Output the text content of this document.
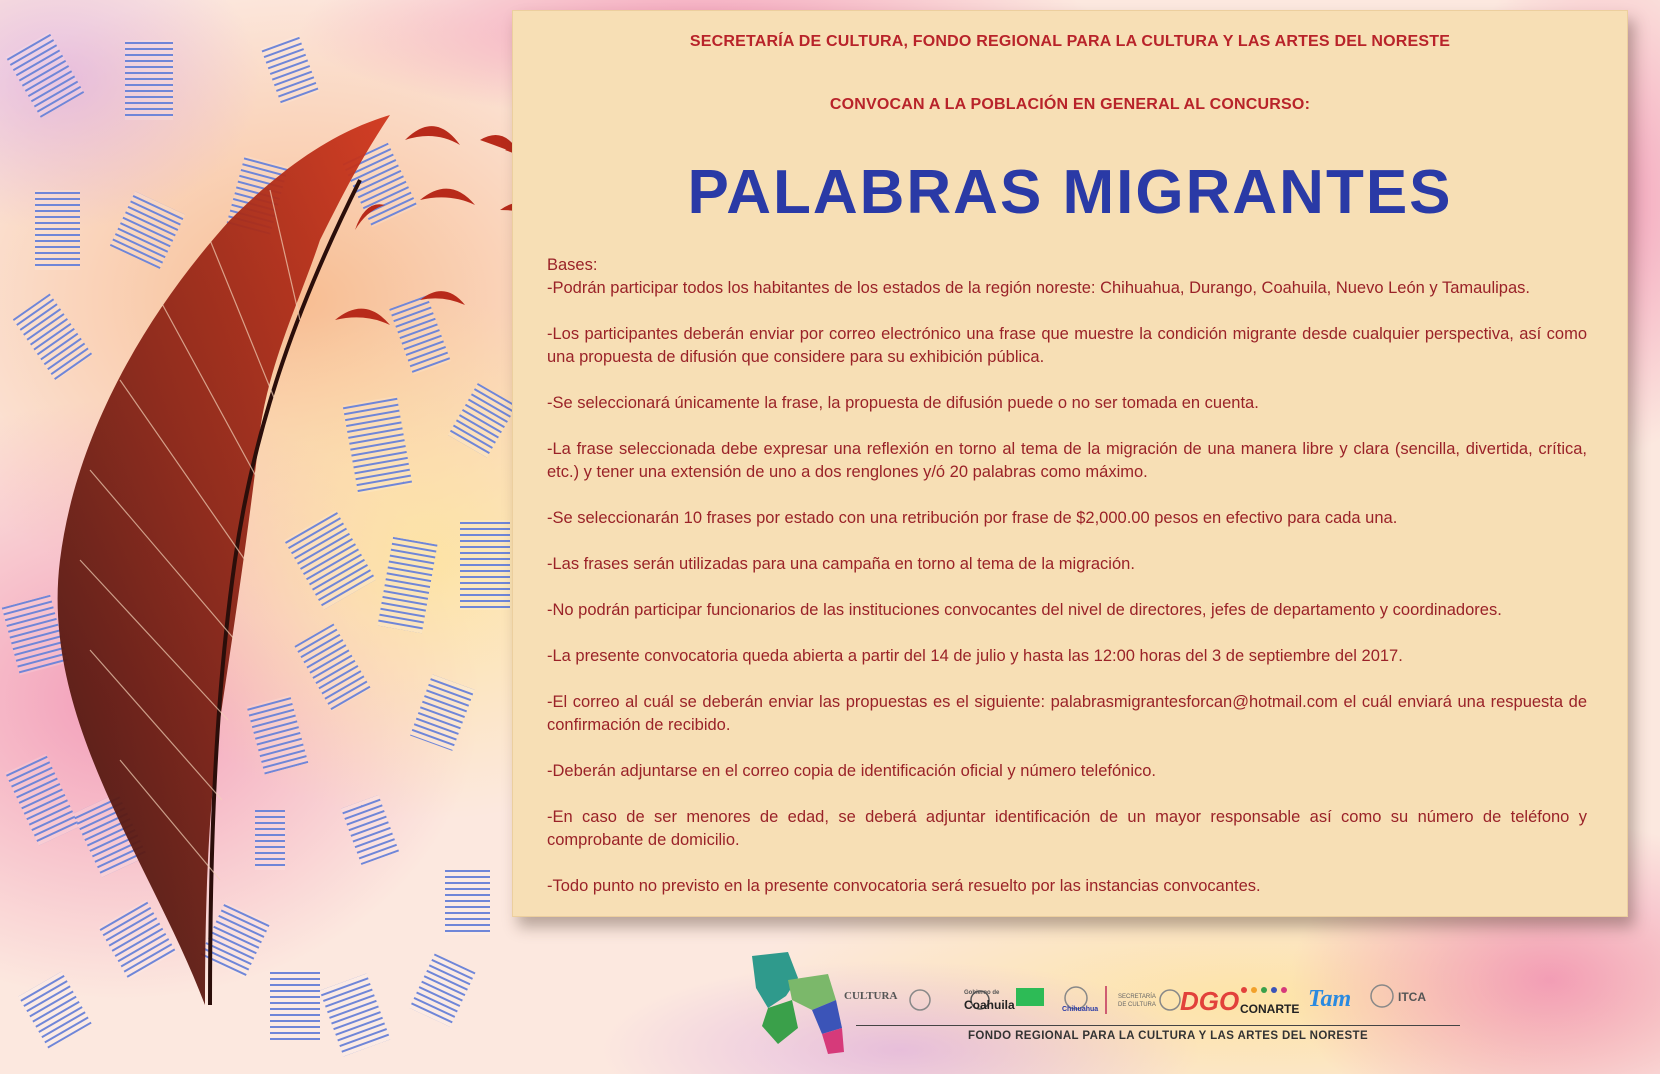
SECRETARÍA DE CULTURA, FONDO REGIONAL PARA LA CULTURA Y LAS ARTES DEL NORESTE
CONVOCAN A LA POBLACIÓN EN GENERAL AL CONCURSO:
PALABRAS MIGRANTES

Bases:

-Podrán participar todos los habitantes de los estados de la región noreste: Chihuahua, Durango, Coahuila, Nuevo León y Tamaulipas.

-Los participantes deberán enviar por correo electrónico una frase que muestre la condición migrante desde cualquier perspectiva, así como una propuesta de difusión que considere para su exhibición pública.

-Se seleccionará únicamente la frase, la propuesta de difusión puede o no ser tomada en cuenta.

-La frase seleccionada debe expresar una reflexión en torno al tema de la migración de una manera libre y clara (sencilla, divertida, crítica, etc.) y tener una extensión de uno a dos renglones y/ó 20 palabras como máximo.

-Se seleccionarán 10 frases por estado con una retribución por frase de $2,000.00 pesos en efectivo para cada una.

-Las frases serán utilizadas para una campaña en torno al tema de la migración.

-No podrán participar funcionarios de las instituciones convocantes del nivel de directores, jefes de departamento y coordinadores.

-La presente convocatoria queda abierta a partir del 14 de julio y hasta las 12:00 horas del 3 de septiembre del 2017.

-El correo al cuál se deberán enviar las propuestas es el siguiente: palabrasmigrantesforcan@hotmail.com el cuál enviará una respuesta de confirmación de recibido.

-Deberán adjuntarse en el correo copia de identificación oficial y número telefónico.

-En caso de ser menores de edad, se deberá adjuntar identificación de un mayor responsable así como su número de teléfono y comprobante de domicilio.

-Todo punto no previsto en la presente convocatoria será resuelto por las instancias convocantes.

SECRETARÍA
DE CULTURA
CULTURA	Gobierno de
Coahuila	Chihuahua	DGO CONARTE Tam	ITCA
FONDO REGIONAL PARA LA CULTURA Y LAS ARTES DEL NORESTE
